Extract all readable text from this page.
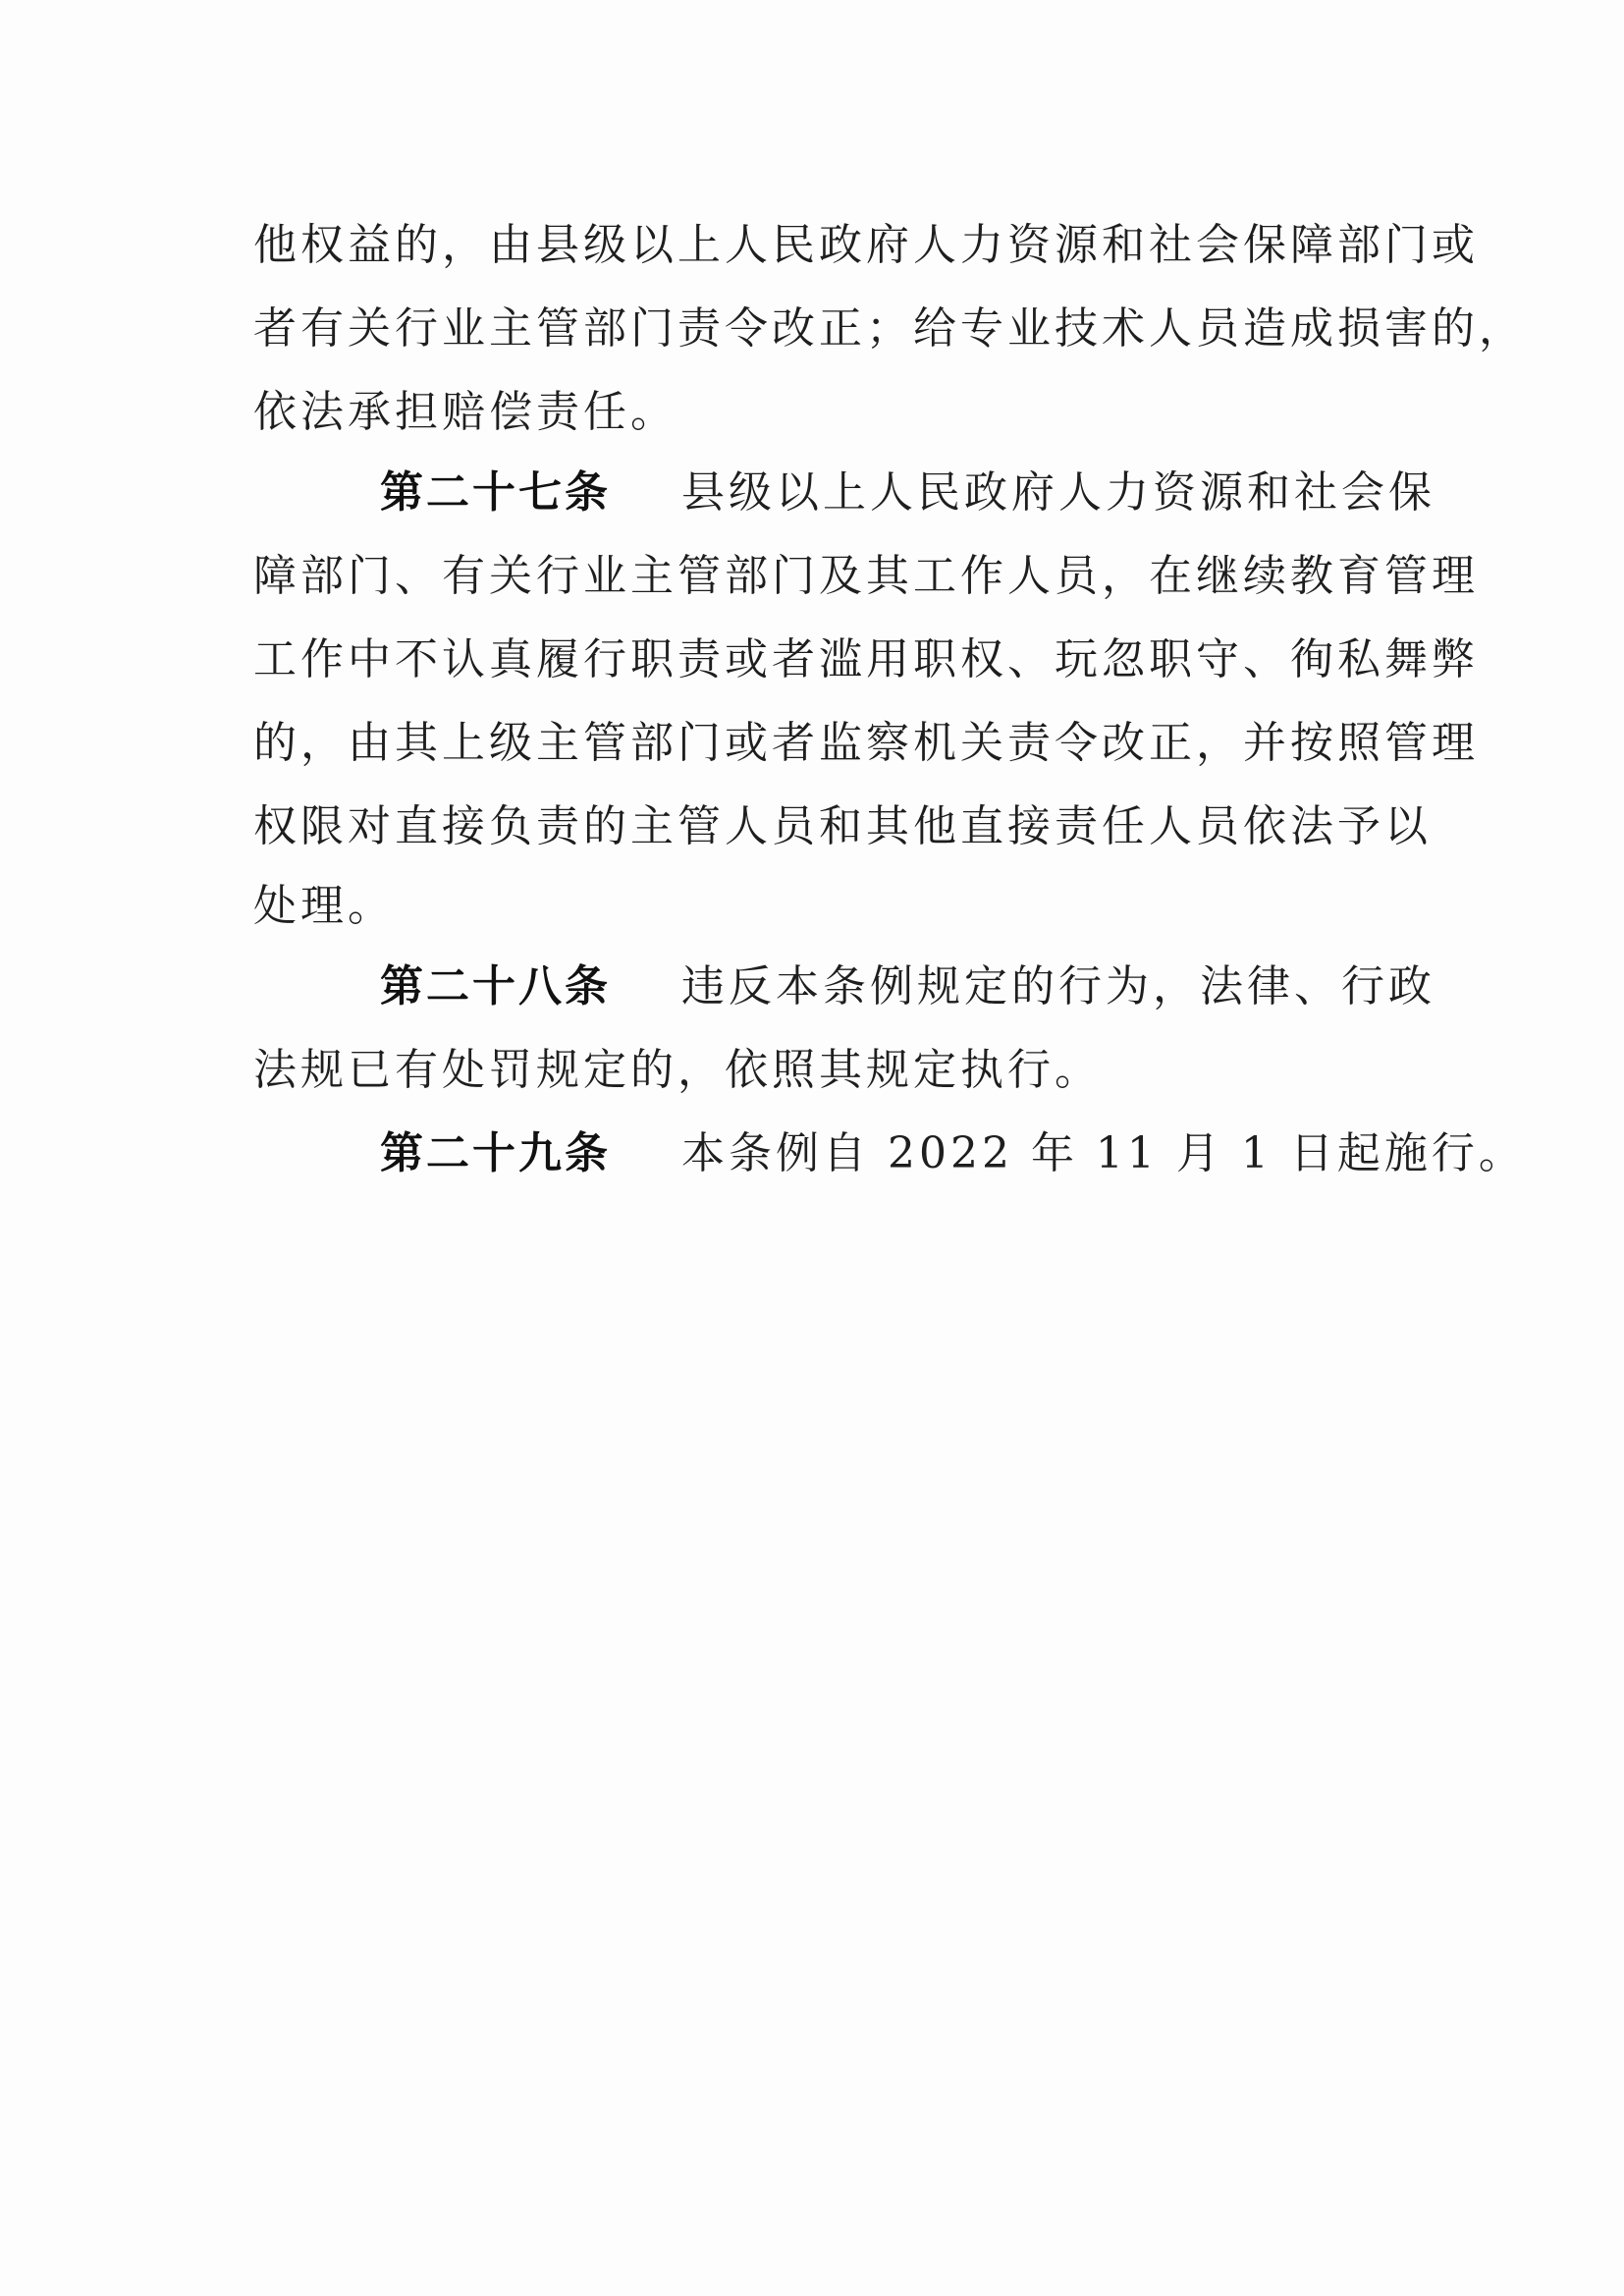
他权益的，由县级以上人民政府人力资源和社会保障部门或
者有关行业主管部门责令改正；给专业技术人员造成损害的，
依法承担赔偿责任。
第二十七条 县级以上人民政府人力资源和社会保
障部门、有关行业主管部门及其工作人员，在继续教育管理
工作中不认真履行职责或者滥用职权、玩忽职守、徇私舞弊
的，由其上级主管部门或者监察机关责令改正，并按照管理
权限对直接负责的主管人员和其他直接责任人员依法予以
处理。
第二十八条 违反本条例规定的行为，法律、行政
法规已有处罚规定的，依照其规定执行。
第二十九条 本条例自 2022 年 11 月 1 日起施行。
